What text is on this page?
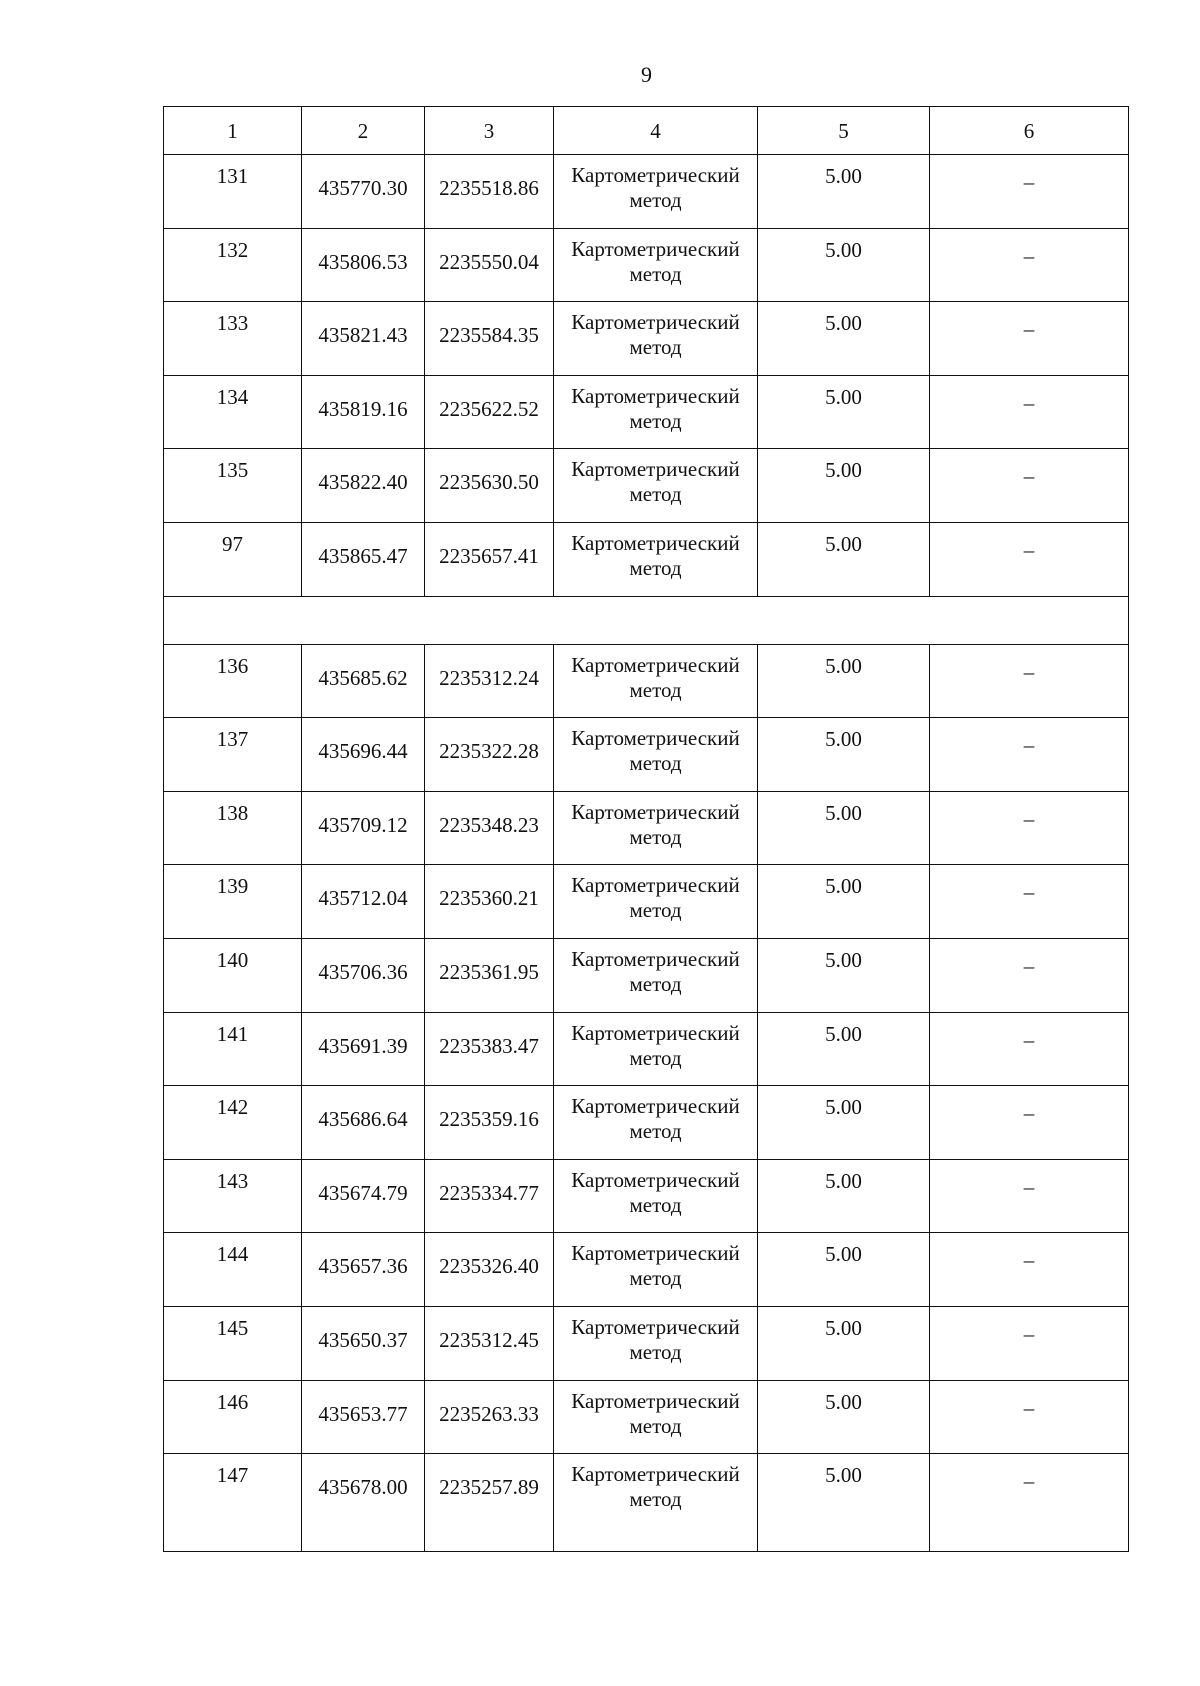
9
1	2	3	4	5	6
131	435770.30	2235518.86	Картометрический метод	5.00	–
132	435806.53	2235550.04	Картометрический метод	5.00	–
133	435821.43	2235584.35	Картометрический метод	5.00	–
134	435819.16	2235622.52	Картометрический метод	5.00	–
135	435822.40	2235630.50	Картометрический метод	5.00	–
97	435865.47	2235657.41	Картометрический метод	5.00	–

136	435685.62	2235312.24	Картометрический метод	5.00	–
137	435696.44	2235322.28	Картометрический метод	5.00	–
138	435709.12	2235348.23	Картометрический метод	5.00	–
139	435712.04	2235360.21	Картометрический метод	5.00	–
140	435706.36	2235361.95	Картометрический метод	5.00	–
141	435691.39	2235383.47	Картометрический метод	5.00	–
142	435686.64	2235359.16	Картометрический метод	5.00	–
143	435674.79	2235334.77	Картометрический метод	5.00	–
144	435657.36	2235326.40	Картометрический метод	5.00	–
145	435650.37	2235312.45	Картометрический метод	5.00	–
146	435653.77	2235263.33	Картометрический метод	5.00	–
147	435678.00	2235257.89	Картометрический метод	5.00	–
